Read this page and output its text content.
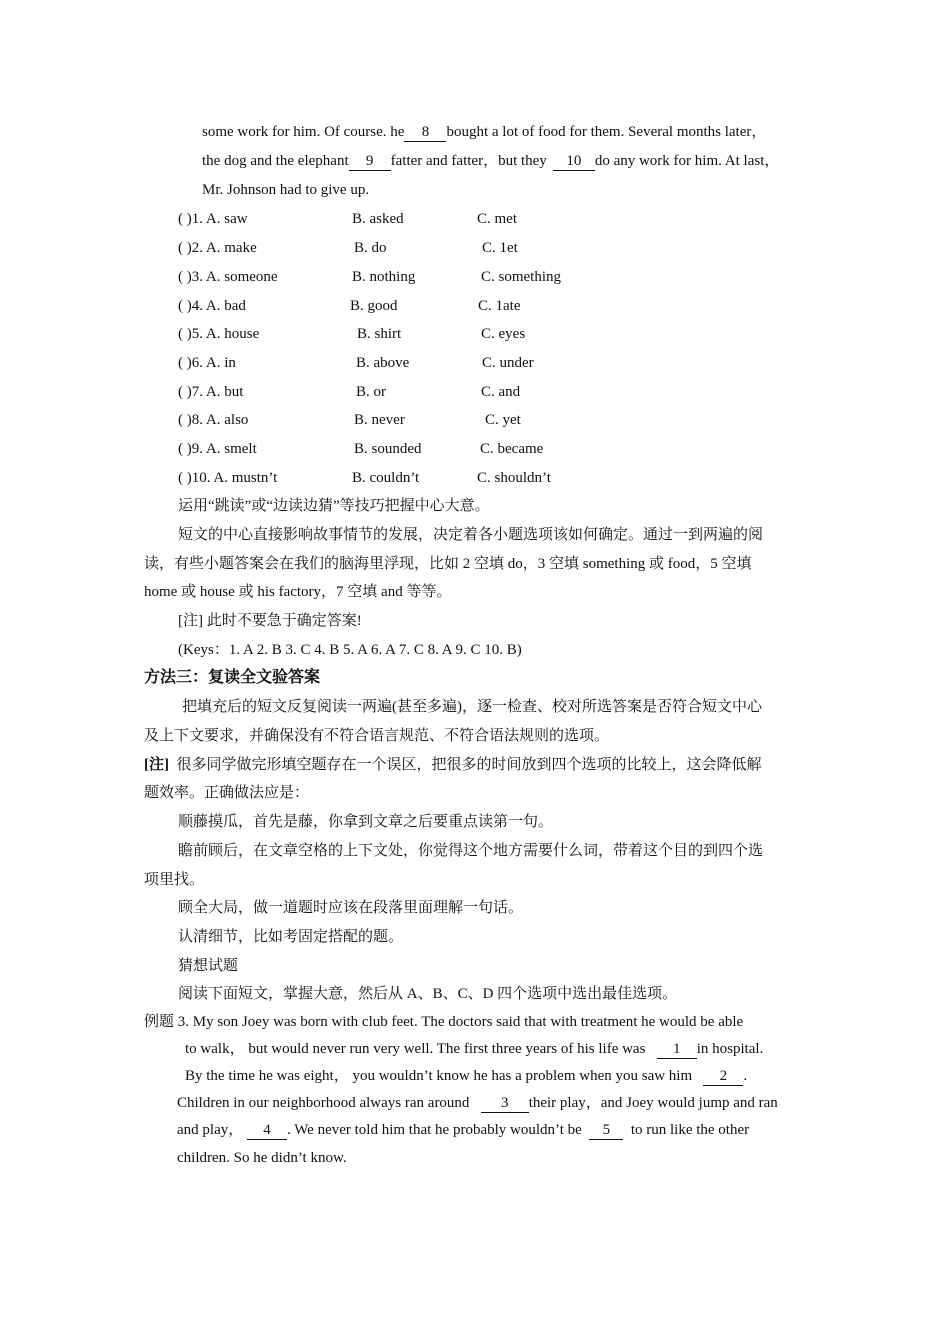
some work for him. Of course. he 8 bought a lot of food for them. Several months later，
the dog and the elephant 9 fatter and fatter，but they 10 do any work for him. At last，
Mr. Johnson had to give up.
( )1. A. saw	B. asked	C. met
( )2. A. make	B. do	C. 1et
( )3. A. someone	B. nothing	C. something
( )4. A. bad	B. good	C. 1ate
( )5. A. house	B. shirt	C. eyes
( )6. A. in	B. above	C. under
( )7. A. but	B. or	C. and
( )8. A. also	B. never	C. yet
( )9. A. smelt	B. sounded	C. became
( )10. A. mustn’t	B. couldn’t	C. shouldn’t
运用“跳读”或“边读边猜”等技巧把握中心大意。
短文的中心直接影响故事情节的发展，决定着各小题选项该如何确定。通过一到两遍的阅
读，有些小题答案会在我们的脑海里浮现，比如 2 空填 do，3 空填 something 或 food，5 空填
home 或 house 或 his factory，7 空填 and 等等。
[注] 此时不要急于确定答案!
(Keys：1. A 2. B 3. C 4. B 5. A 6. A 7. C 8. A 9. C 10. B)
方法三：复读全文验答案
把填充后的短文反复阅读一两遍(甚至多遍)，逐一检查、校对所选答案是否符合短文中心
及上下文要求，并确保没有不符合语言规范、不符合语法规则的选项。
[注] 很多同学做完形填空题存在一个误区，把很多的时间放到四个选项的比较上，这会降低解
题效率。正确做法应是：
顺藤摸瓜，首先是藤，你拿到文章之后要重点读第一句。
瞻前顾后，在文章空格的上下文处，你觉得这个地方需要什么词，带着这个目的到四个选
项里找。
顾全大局，做一道题时应该在段落里面理解一句话。
认清细节，比如考固定搭配的题。
猜想试题
阅读下面短文，掌握大意，然后从 A、B、C、D 四个选项中选出最佳选项。
例题 3. My son Joey was born with club feet. The doctors said that with treatment he would be able
to walk， but would never run very well. The first three years of his life was 1 in hospital.
By the time he was eight， you wouldn’t know he has a problem when you saw him 2 .
Children in our neighborhood always ran around 3 their play，and Joey would jump and ran
and play， 4 . We never told him that he probably wouldn’t be 5 to run like the other
children. So he didn’t know.
